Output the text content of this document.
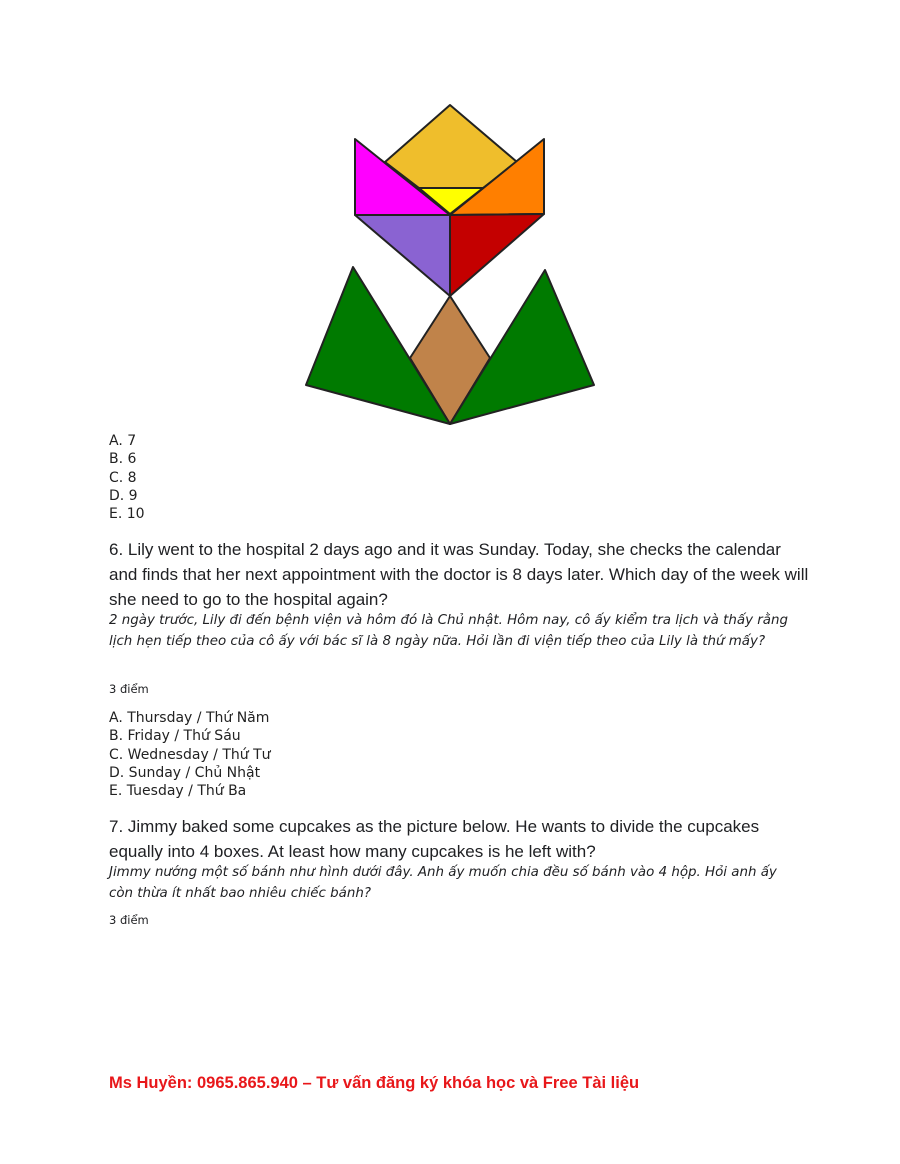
A. 7
B. 6
C. 8
D. 9
E. 10
6. Lily went to the hospital 2 days ago and it was Sunday. Today, she checks the calendar and finds that her next appointment with the doctor is 8 days later. Which day of the week will she need to go to the hospital again?
2 ngày trước, Lily đi đến bệnh viện và hôm đó là Chủ nhật. Hôm nay, cô ấy kiểm tra lịch và thấy rằng lịch hẹn tiếp theo của cô ấy với bác sĩ là 8 ngày nữa. Hỏi lần đi viện tiếp theo của Lily là thứ mấy?
3 điểm
A. Thursday / Thứ Năm
B. Friday / Thứ Sáu
C. Wednesday / Thứ Tư
D. Sunday / Chủ Nhật
E. Tuesday / Thứ Ba
7. Jimmy baked some cupcakes as the picture below. He wants to divide the cupcakes equally into 4 boxes. At least how many cupcakes is he left with?
Jimmy nướng một số bánh như hình dưới đây. Anh ấy muốn chia đều số bánh vào 4 hộp. Hỏi anh ấy còn thừa ít nhất bao nhiêu chiếc bánh?
3 điểm
Ms Huyền: 0965.865.940 – Tư vấn đăng ký khóa học và Free Tài liệu
